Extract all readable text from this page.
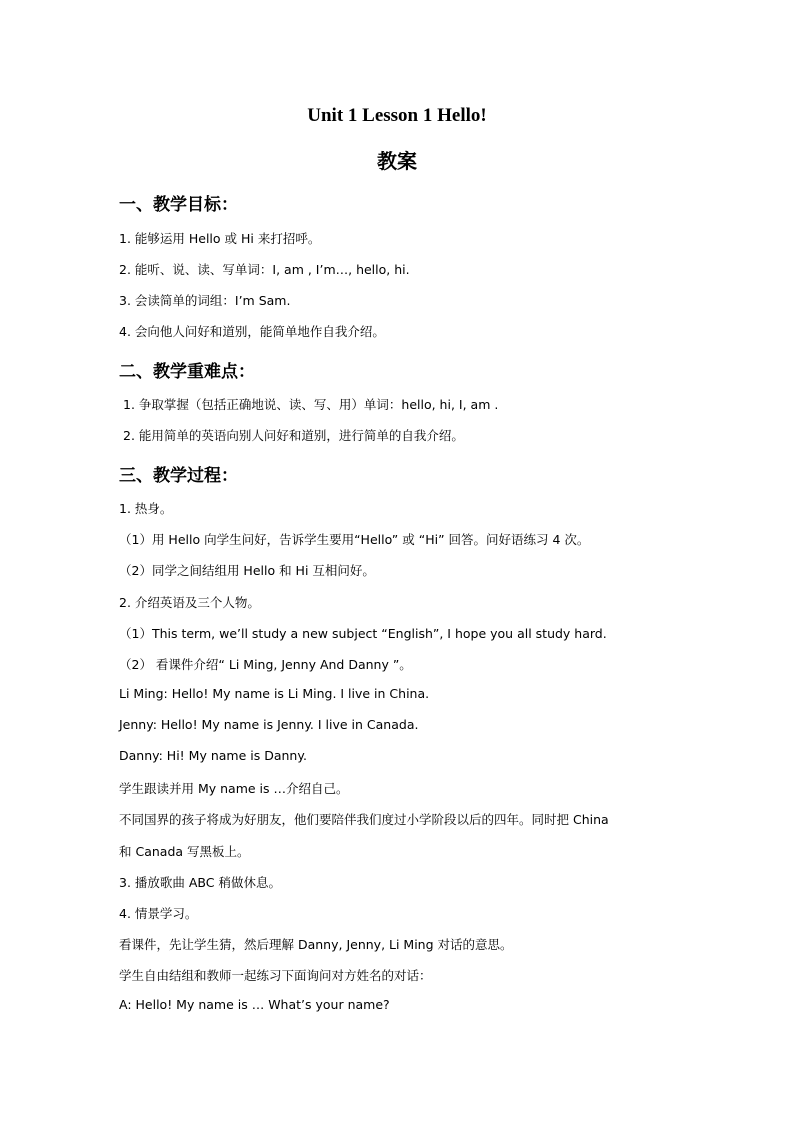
Unit 1 Lesson 1 Hello!
教案
一、教学目标：
1. 能够运用 Hello 或 Hi 来打招呼。
2. 能听、说、读、写单词：I, am , I’m…, hello, hi.
3. 会读简单的词组：I’m Sam.
4. 会向他人问好和道别，能简单地作自我介绍。
二、教学重难点：
1. 争取掌握（包括正确地说、读、写、用）单词：hello, hi, I, am .
2. 能用简单的英语向别人问好和道别，进行简单的自我介绍。
三、教学过程：
1. 热身。
（1）用 Hello 向学生问好，告诉学生要用“Hello” 或 “Hi” 回答。问好语练习 4 次。
（2）同学之间结组用 Hello 和 Hi 互相问好。
2. 介绍英语及三个人物。
（1）This term, we’ll study a new subject “English”, I hope you all study hard.
（2） 看课件介绍“ Li Ming, Jenny And Danny ”。
Li Ming: Hello! My name is Li Ming. I live in China.
Jenny: Hello! My name is Jenny. I live in Canada.
Danny: Hi! My name is Danny.
学生跟读并用 My name is …介绍自己。
不同国界的孩子将成为好朋友，他们要陪伴我们度过小学阶段以后的四年。同时把 China
和 Canada 写黑板上。
3. 播放歌曲 ABC 稍做休息。
4. 情景学习。
看课件，先让学生猜，然后理解 Danny, Jenny, Li Ming 对话的意思。
学生自由结组和教师一起练习下面询问对方姓名的对话：
A: Hello! My name is … What’s your name?
